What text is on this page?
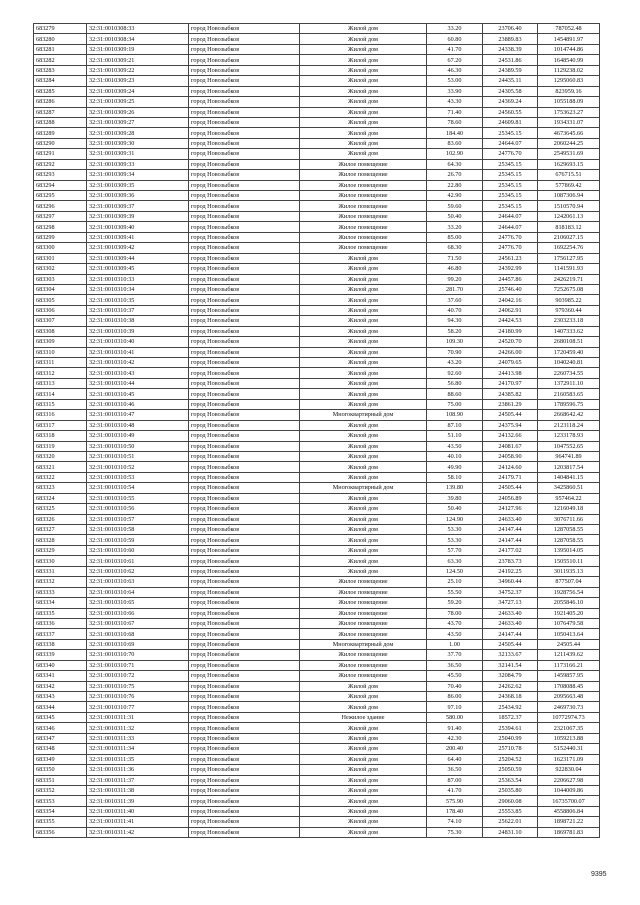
683279	32:31:0010308:33	город Новозыбков	Жилой дом	33.20	23706.40	787052.48
683280	32:31:0010308:34	город Новозыбков	Жилой дом	60.80	23889.83	1454891.97
683281	32:31:0010309:19	город Новозыбков	Жилой дом	41.70	24338.39	1014744.86
683282	32:31:0010309:21	город Новозыбков	Жилой дом	67.20	24531.86	1648540.99
683283	32:31:0010309:22	город Новозыбков	Жилой дом	46.30	24389.59	1129238.02
683284	32:31:0010309:23	город Новозыбков	Жилой дом	53.00	24435.11	1295060.83
683285	32:31:0010309:24	город Новозыбков	Жилой дом	33.90	24305.58	823959.16
683286	32:31:0010309:25	город Новозыбков	Жилой дом	43.30	24369.24	1055188.09
683287	32:31:0010309:26	город Новозыбков	Жилой дом	71.40	24560.55	1753623.27
683288	32:31:0010309:27	город Новозыбков	Жилой дом	78.60	24609.81	1934331.07
683289	32:31:0010309:28	город Новозыбков	Жилой дом	184.40	25345.15	4673645.66
683290	32:31:0010309:30	город Новозыбков	Жилой дом	83.60	24644.07	2060244.25
683291	32:31:0010309:31	город Новозыбков	Жилой дом	102.90	24776.70	2549531.69
683292	32:31:0010309:33	город Новозыбков	Жилое помещение	64.30	25345.15	1629693.15
683293	32:31:0010309:34	город Новозыбков	Жилое помещение	26.70	25345.15	676715.51
683294	32:31:0010309:35	город Новозыбков	Жилое помещение	22.80	25345.15	577869.42
683295	32:31:0010309:36	город Новозыбков	Жилое помещение	42.90	25345.15	1087306.94
683296	32:31:0010309:37	город Новозыбков	Жилое помещение	59.60	25345.15	1510570.94
683297	32:31:0010309:39	город Новозыбков	Жилое помещение	50.40	24644.07	1242061.13
683298	32:31:0010309:40	город Новозыбков	Жилое помещение	33.20	24644.07	818183.12
683299	32:31:0010309:41	город Новозыбков	Жилое помещение	85.00	24776.70	2106027.15
683300	32:31:0010309:42	город Новозыбков	Жилое помещение	68.30	24776.70	1692254.76
683301	32:31:0010309:44	город Новозыбков	Жилой дом	71.50	24561.23	1756127.95
683302	32:31:0010309:45	город Новозыбков	Жилой дом	46.80	24392.99	1141591.93
683303	32:31:0010310:33	город Новозыбков	Жилой дом	99.20	24457.86	2426219.71
683304	32:31:0010310:34	город Новозыбков	Жилой дом	281.70	25746.40	7252675.08
683305	32:31:0010310:35	город Новозыбков	Жилой дом	37.60	24042.16	903985.22
683306	32:31:0010310:37	город Новозыбков	Жилой дом	40.70	24062.91	979360.44
683307	32:31:0010310:38	город Новозыбков	Жилой дом	94.30	24424.53	2303233.18
683308	32:31:0010310:39	город Новозыбков	Жилой дом	58.20	24180.99	1407333.62
683309	32:31:0010310:40	город Новозыбков	Жилой дом	109.30	24520.70	2680108.51
683310	32:31:0010310:41	город Новозыбков	Жилой дом	70.90	24266.00	1720459.40
683311	32:31:0010310:42	город Новозыбков	Жилой дом	43.20	24079.65	1040240.81
683312	32:31:0010310:43	город Новозыбков	Жилой дом	92.60	24413.98	2260734.55
683313	32:31:0010310:44	город Новозыбков	Жилой дом	56.80	24170.97	1372911.10
683314	32:31:0010310:45	город Новозыбков	Жилой дом	88.60	24385.82	2160583.65
683315	32:31:0010310:46	город Новозыбков	Жилой дом	75.00	23861.29	1789596.75
683316	32:31:0010310:47	город Новозыбков	Многоквартирный дом	108.90	24505.44	2668642.42
683317	32:31:0010310:48	город Новозыбков	Жилой дом	87.10	24375.94	2123118.24
683318	32:31:0010310:49	город Новозыбков	Жилой дом	51.10	24132.66	1233178.93
683319	32:31:0010310:50	город Новозыбков	Жилой дом	43.50	24081.67	1047552.65
683320	32:31:0010310:51	город Новозыбков	Жилой дом	40.10	24058.90	964741.89
683321	32:31:0010310:52	город Новозыбков	Жилой дом	49.90	24124.60	1203817.54
683322	32:31:0010310:53	город Новозыбков	Жилой дом	58.10	24179.71	1404841.15
683323	32:31:0010310:54	город Новозыбков	Многоквартирный дом	139.80	24505.44	3425860.51
683324	32:31:0010310:55	город Новозыбков	Жилой дом	39.80	24056.89	957464.22
683325	32:31:0010310:56	город Новозыбков	Жилой дом	50.40	24127.96	1216049.18
683326	32:31:0010310:57	город Новозыбков	Жилой дом	124.90	24633.40	3076711.66
683327	32:31:0010310:58	город Новозыбков	Жилой дом	53.30	24147.44	1287058.55
683328	32:31:0010310:59	город Новозыбков	Жилой дом	53.30	24147.44	1287058.55
683329	32:31:0010310:60	город Новозыбков	Жилой дом	57.70	24177.02	1395014.05
683330	32:31:0010310:61	город Новозыбков	Жилой дом	63.30	23783.73	1505510.11
683331	32:31:0010310:62	город Новозыбков	Жилой дом	124.50	24192.25	3011935.13
683332	32:31:0010310:63	город Новозыбков	Жилое помещение	25.10	34960.44	877507.04
683333	32:31:0010310:64	город Новозыбков	Жилое помещение	55.50	34752.37	1928756.54
683334	32:31:0010310:65	город Новозыбков	Жилое помещение	59.20	34727.13	2055846.10
683335	32:31:0010310:66	город Новозыбков	Жилое помещение	78.00	24633.40	1921405.20
683336	32:31:0010310:67	город Новозыбков	Жилое помещение	43.70	24633.40	1076479.58
683337	32:31:0010310:68	город Новозыбков	Жилое помещение	43.50	24147.44	1050413.64
683338	32:31:0010310:69	город Новозыбков	Многоквартирный дом	1.00	24505.44	24505.44
683339	32:31:0010310:70	город Новозыбков	Жилое помещение	37.70	32133.67	1211439.62
683340	32:31:0010310:71	город Новозыбков	Жилое помещение	36.50	32141.54	1173166.21
683341	32:31:0010310:72	город Новозыбков	Жилое помещение	45.50	32084.79	1459857.95
683342	32:31:0010310:75	город Новозыбков	Жилой дом	70.40	24262.62	1708088.45
683343	32:31:0010310:76	город Новозыбков	Жилой дом	86.00	24368.18	2095663.48
683344	32:31:0010310:77	город Новозыбков	Жилой дом	97.10	25434.92	2469730.73
683345	32:31:0010311:31	город Новозыбков	Нежилое здание	580.00	18572.37	10772974.73
683346	32:31:0010311:32	город Новозыбков	Жилой дом	91.40	25394.61	2321067.35
683347	32:31:0010311:33	город Новозыбков	Жилой дом	42.30	25040.99	1059213.88
683348	32:31:0010311:34	город Новозыбков	Жилой дом	200.40	25710.78	5152440.31
683349	32:31:0010311:35	город Новозыбков	Жилой дом	64.40	25204.52	1623171.09
683350	32:31:0010311:36	город Новозыбков	Жилой дом	36.50	25050.59	922830.04
683351	32:31:0010311:37	город Новозыбков	Жилой дом	87.00	25363.54	2206627.98
683352	32:31:0010311:38	город Новозыбков	Жилой дом	41.70	25035.80	1044009.86
683353	32:31:0010311:39	город Новозыбков	Жилой дом	575.90	29060.08	16735700.07
683354	32:31:0010311:40	город Новозыбков	Жилой дом	178.40	25553.85	4558806.84
683355	32:31:0010311:41	город Новозыбков	Жилой дом	74.10	25622.01	1898721.22
683356	32:31:0010311:42	город Новозыбков	Жилой дом	75.30	24831.10	1869781.83
9395
